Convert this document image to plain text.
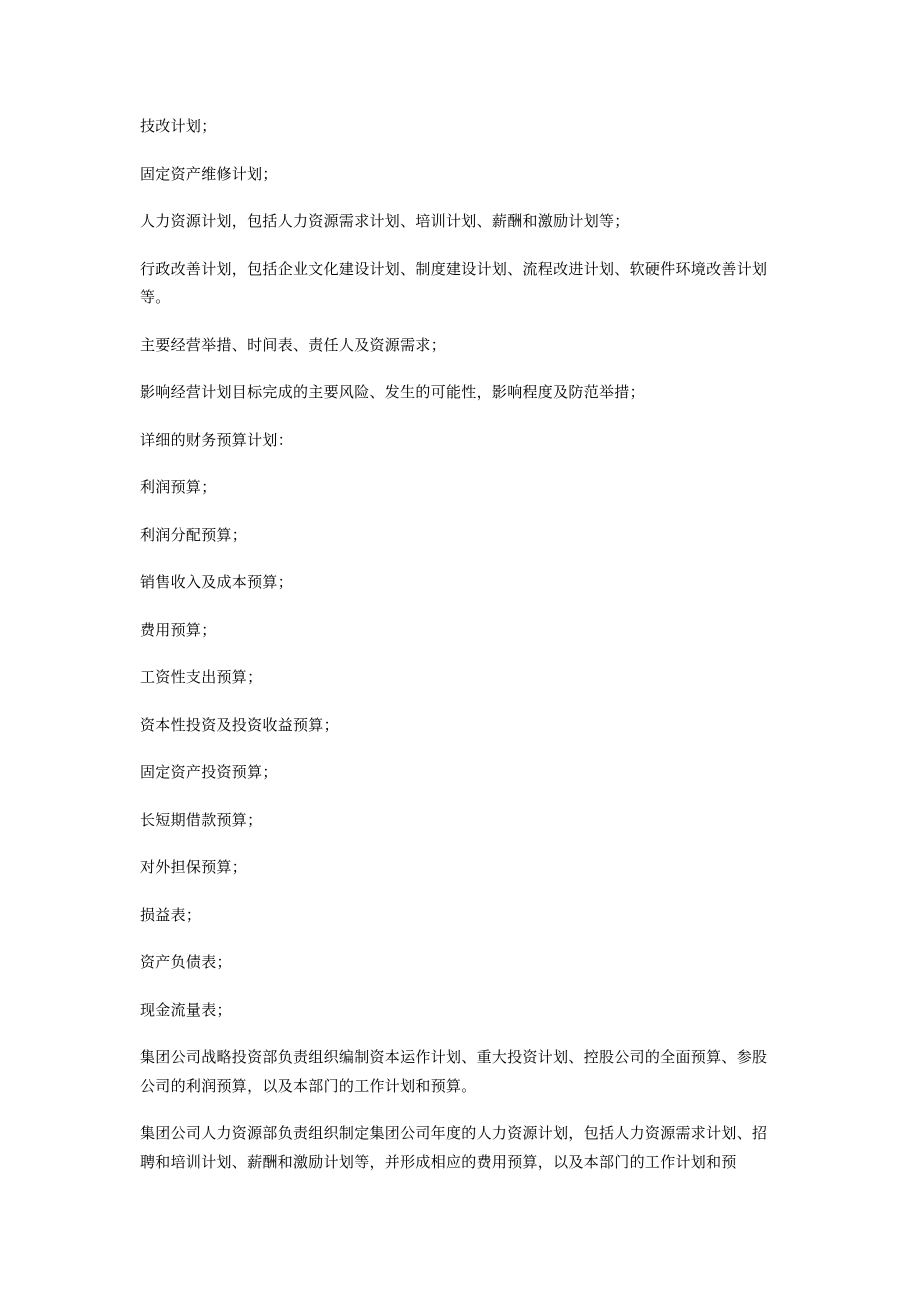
技改计划；

固定资产维修计划；

人力资源计划，包括人力资源需求计划、培训计划、薪酬和激励计划等；

行政改善计划，包括企业文化建设计划、制度建设计划、流程改进计划、软硬件环境改善计划等。

主要经营举措、时间表、责任人及资源需求；

影响经营计划目标完成的主要风险、发生的可能性，影响程度及防范举措；

详细的财务预算计划：

利润预算；

利润分配预算；

销售收入及成本预算；

费用预算；

工资性支出预算；

资本性投资及投资收益预算；

固定资产投资预算；

长短期借款预算；

对外担保预算；

损益表；

资产负债表；

现金流量表；

集团公司战略投资部负责组织编制资本运作计划、重大投资计划、控股公司的全面预算、参股公司的利润预算，以及本部门的工作计划和预算。

集团公司人力资源部负责组织制定集团公司年度的人力资源计划，包括人力资源需求计划、招聘和培训计划、薪酬和激励计划等，并形成相应的费用预算，以及本部门的工作计划和预
